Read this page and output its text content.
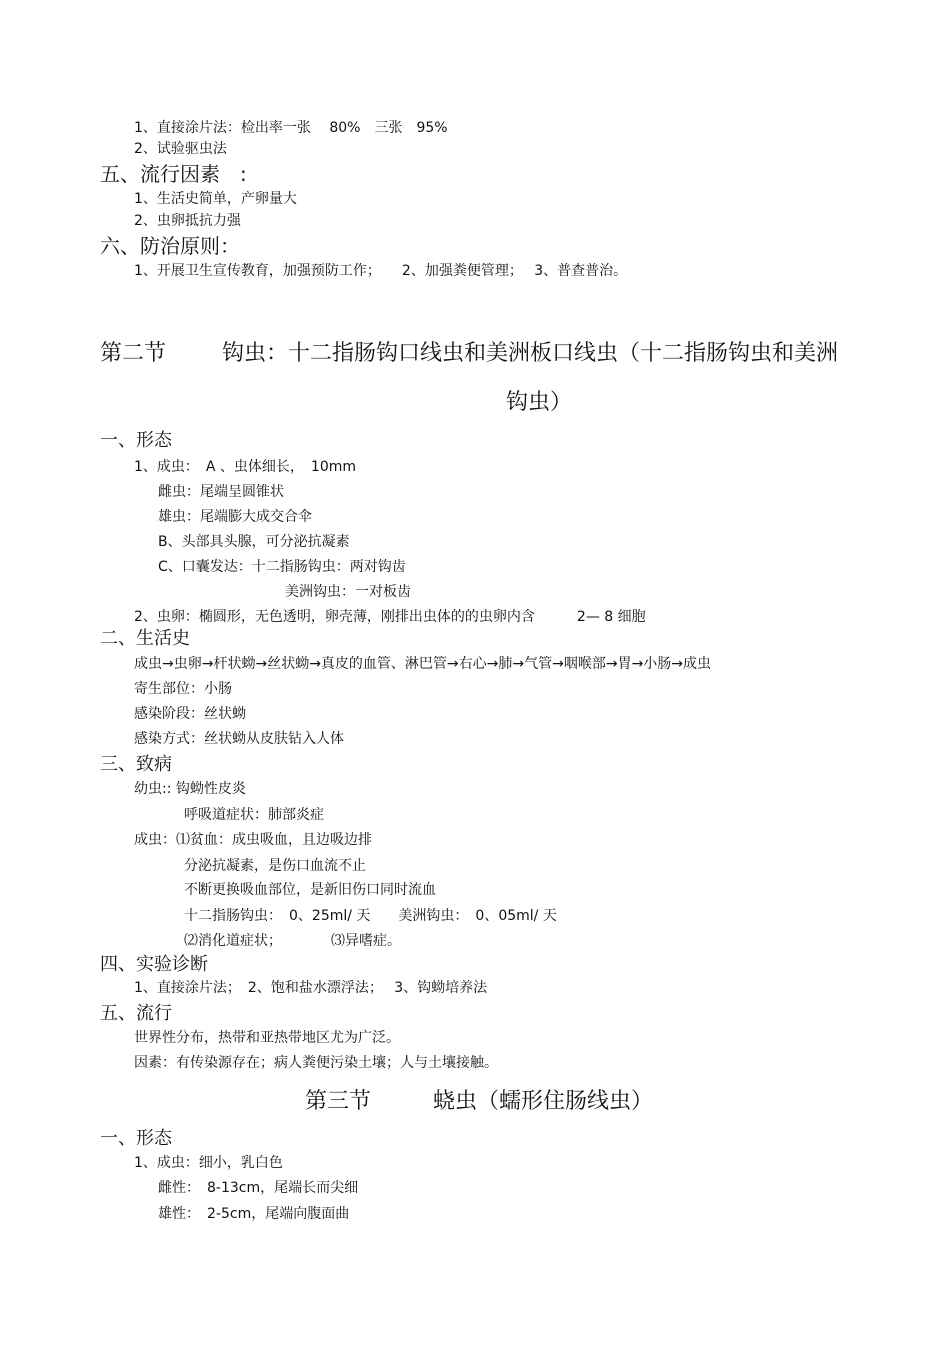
1、直接涂片法：检出率一张　 80%　三张　95%
2、试验驱虫法
五、流行因素　:
1、生活史简单，产卵量大
2、虫卵抵抗力强
六、防治原则：
1、开展卫生宣传教育，加强预防工作；　　2、加强粪便管理；　 3、普查普治。
第二节	钩虫：十二指肠钩口线虫和美洲板口线虫（十二指肠钩虫和美洲
钩虫）
一、形态
1、成虫：　A 、虫体细长，　10mm
雌虫：尾端呈圆锥状
雄虫：尾端膨大成交合伞
B、头部具头腺，可分泌抗凝素
C、口囊发达：十二指肠钩虫：两对钩齿
美洲钩虫：一对板齿
2、虫卵：椭圆形，无色透明，卵壳薄，刚排出虫体的的虫卵内含　　　2— 8 细胞
二、生活史
成虫→虫卵→杆状蚴→丝状蚴→真皮的血管、淋巴管→右心→肺→气管→咽喉部→胃→小肠→成虫
寄生部位：小肠
感染阶段：丝状蚴
感染方式：丝状蚴从皮肤钻入人体
三、致病
幼虫:: 钩蚴性皮炎
呼吸道症状：肺部炎症
成虫：⑴贫血：成虫吸血，且边吸边排
分泌抗凝素，是伤口血流不止
不断更换吸血部位，是新旧伤口同时流血
十二指肠钩虫：　0、25ml/ 天　　美洲钩虫：　0、05ml/ 天
⑵消化道症状；　　　　⑶异嗜症。
四、实验诊断
1、直接涂片法；　2、饱和盐水漂浮法；　 3、钩蚴培养法
五、流行
世界性分布，热带和亚热带地区尤为广泛。
因素：有传染源存在；病人粪便污染土壤；人与土壤接触。
第三节	蛲虫（蠕形住肠线虫）
一、形态
1、成虫：细小，乳白色
雌性：　8-13cm，尾端长而尖细
雄性：　2-5cm，尾端向腹面曲
